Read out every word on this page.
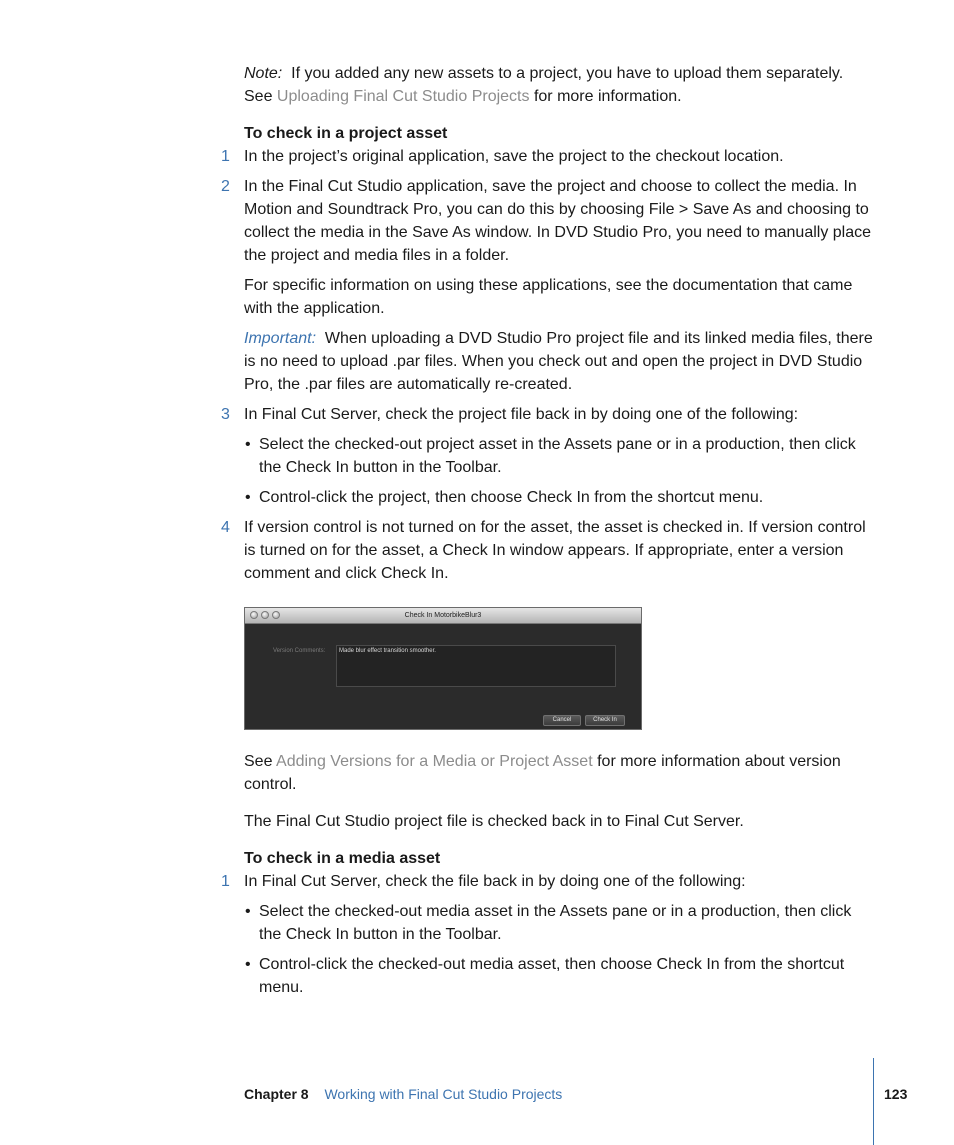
Note: If you added any new assets to a project, you have to upload them separately. See Uploading Final Cut Studio Projects for more information.
To check in a project asset
1 In the project’s original application, save the project to the checkout location.
2 In the Final Cut Studio application, save the project and choose to collect the media. In Motion and Soundtrack Pro, you can do this by choosing File > Save As and choosing to collect the media in the Save As window. In DVD Studio Pro, you need to manually place the project and media files in a folder.
For specific information on using these applications, see the documentation that came with the application.
Important: When uploading a DVD Studio Pro project file and its linked media files, there is no need to upload .par files. When you check out and open the project in DVD Studio Pro, the .par files are automatically re-created.
3 In Final Cut Server, check the project file back in by doing one of the following:
• Select the checked-out project asset in the Assets pane or in a production, then click the Check In button in the Toolbar.
• Control-click the project, then choose Check In from the shortcut menu.
4 If version control is not turned on for the asset, the asset is checked in. If version control is turned on for the asset, a Check In window appears. If appropriate, enter a version comment and click Check In.
Check In MotorbikeBlur3
Version Comments: Made blur effect transition smoother.
Cancel	Check In
See Adding Versions for a Media or Project Asset for more information about version control.
The Final Cut Studio project file is checked back in to Final Cut Server.
To check in a media asset
1 In Final Cut Server, check the file back in by doing one of the following:
• Select the checked-out media asset in the Assets pane or in a production, then click the Check In button in the Toolbar.
• Control-click the checked-out media asset, then choose Check In from the shortcut menu.
Chapter 8 Working with Final Cut Studio Projects	123
